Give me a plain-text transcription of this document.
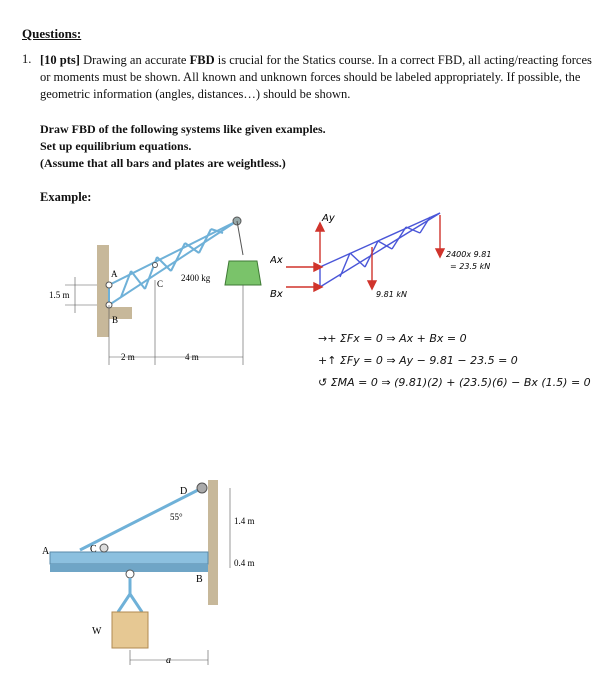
Questions:
1. [10 pts] Drawing an accurate FBD is crucial for the Statics course. In a correct FBD, all acting/reacting forces or moments must be shown. All known and unknown forces should be labeled appropriately. If possible, the geometric information (angles, distances…) should be shown.
Draw FBD of the following systems like given examples.
Set up equilibrium equations.
(Assume that all bars and plates are weightless.)
Example:
A
B
C
2400 kg
1.5 m
2 m	4 m
Ay
Ax
Bx
2400x 9.81
= 23.5 kN
9.81 kN
→+ ΣFx = 0 ⇒ Ax + Bx = 0
+↑ ΣFy = 0 ⇒ Ay − 9.81 − 23.5 = 0
↺ ΣMA = 0 ⇒ (9.81)(2) + (23.5)(6) − Bx (1.5) = 0
A	C
D
B
W
55°	1.4 m
0.4 m
a
